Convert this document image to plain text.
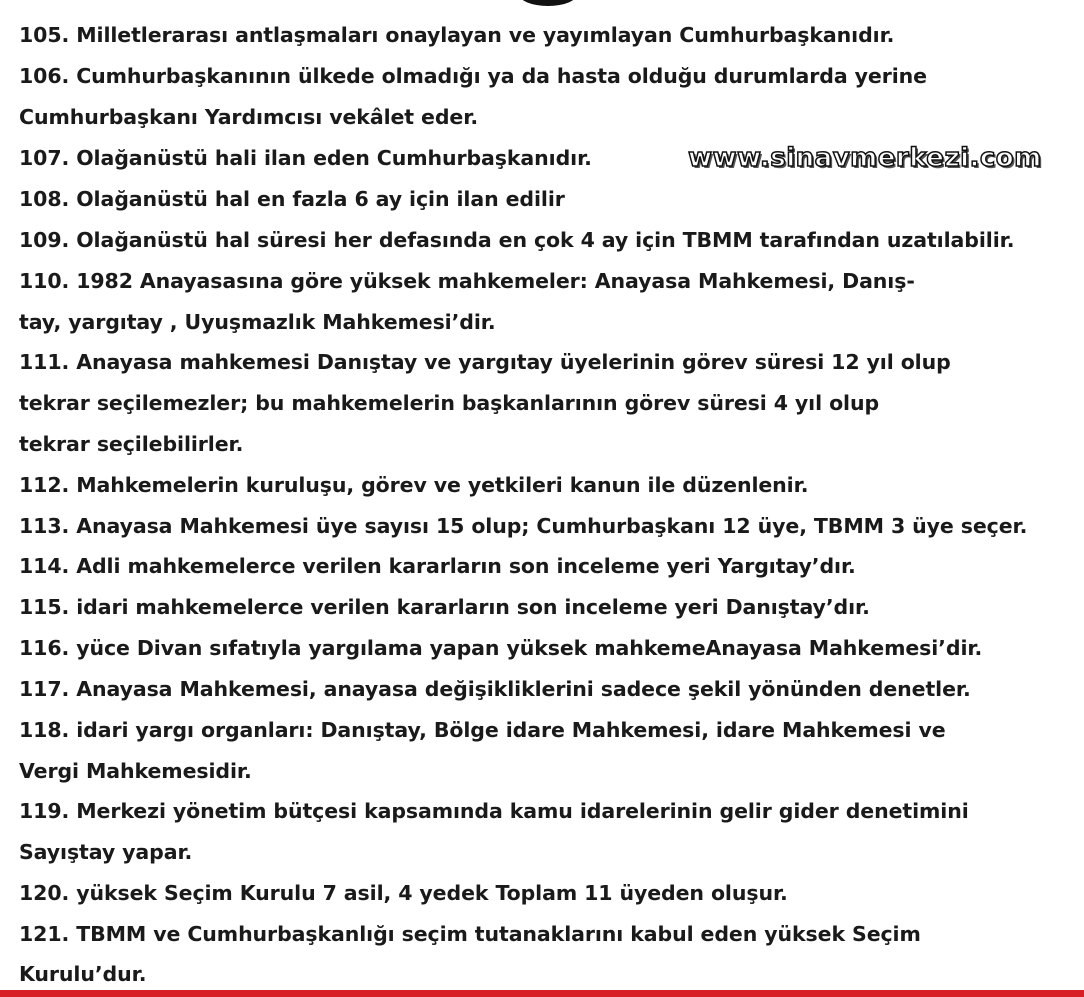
105. Milletlerarası antlaşmaları onaylayan ve yayımlayan Cumhurbaşkanıdır.
106. Cumhurbaşkanının ülkede olmadığı ya da hasta olduğu durumlarda yerine
Cumhurbaşkanı Yardımcısı vekâlet eder.
107. Olağanüstü hali ilan eden Cumhurbaşkanıdır.
108. Olağanüstü hal en fazla 6 ay için ilan edilir
109. Olağanüstü hal süresi her defasında en çok 4 ay için TBMM tarafından uzatılabilir.
110. 1982 Anayasasına göre yüksek mahkemeler: Anayasa Mahkemesi, Danış-
tay, yargıtay , Uyuşmazlık Mahkemesi’dir.
111. Anayasa mahkemesi Danıştay ve yargıtay üyelerinin görev süresi 12 yıl olup
tekrar seçilemezler; bu mahkemelerin başkanlarının görev süresi 4 yıl olup
tekrar seçilebilirler.
112. Mahkemelerin kuruluşu, görev ve yetkileri kanun ile düzenlenir.
113. Anayasa Mahkemesi üye sayısı 15 olup; Cumhurbaşkanı 12 üye, TBMM 3 üye seçer.
114. Adli mahkemelerce verilen kararların son inceleme yeri Yargıtay’dır.
115. idari mahkemelerce verilen kararların son inceleme yeri Danıştay’dır.
116. yüce Divan sıfatıyla yargılama yapan yüksek mahkemeAnayasa Mahkemesi’dir.
117. Anayasa Mahkemesi, anayasa değişikliklerini sadece şekil yönünden denetler.
118. idari yargı organları: Danıştay, Bölge idare Mahkemesi, idare Mahkemesi ve
Vergi Mahkemesidir.
119. Merkezi yönetim bütçesi kapsamında kamu idarelerinin gelir gider denetimini
Sayıştay yapar.
120. yüksek Seçim Kurulu 7 asil, 4 yedek Toplam 11 üyeden oluşur.
121. TBMM ve Cumhurbaşkanlığı seçim tutanaklarını kabul eden yüksek Seçim
Kurulu’dur.
www.sinavmerkezi.com
